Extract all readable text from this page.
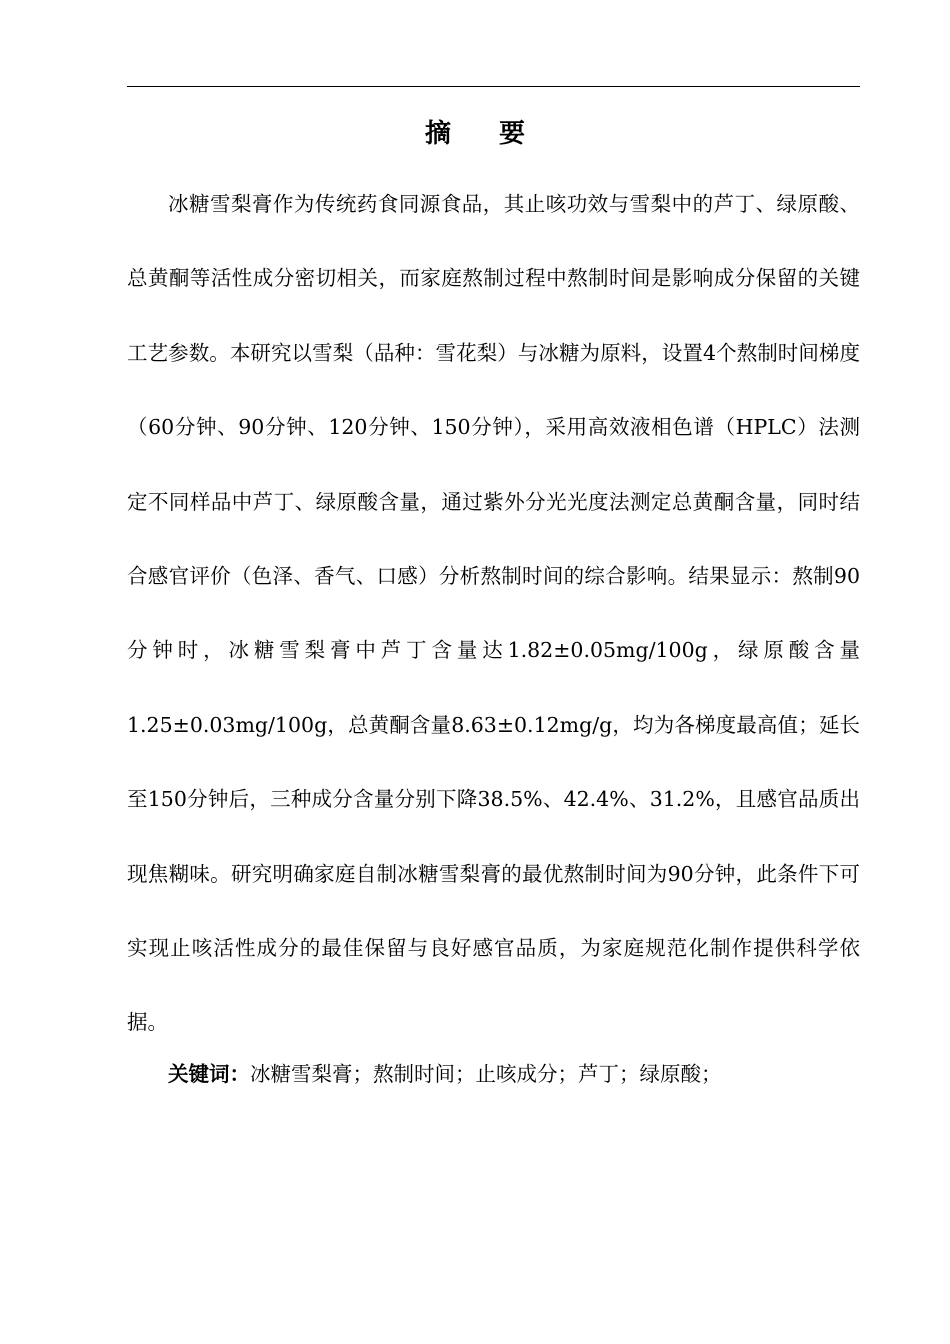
摘 要

冰糖雪梨膏作为传统药食同源食品，其止咳功效与雪梨中的芦丁、绿原酸、总黄酮等活性成分密切相关，而家庭熬制过程中熬制时间是影响成分保留的关键工艺参数。本研究以雪梨（品种：雪花梨）与冰糖为原料，设置4个熬制时间梯度（60分钟、90分钟、120分钟、150分钟），采用高效液相色谱（HPLC）法测定不同样品中芦丁、绿原酸含量，通过紫外分光光度法测定总黄酮含量，同时结合感官评价（色泽、香气、口感）分析熬制时间的综合影响。结果显示：熬制90分钟时，冰糖雪梨膏中芦丁含量达1.82±0.05mg/100g，绿原酸含量1.25±0.03mg/100g，总黄酮含量8.63±0.12mg/g，均为各梯度最高值；延长至150分钟后，三种成分含量分别下降38.5%、42.4%、31.2%，且感官品质出现焦糊味。研究明确家庭自制冰糖雪梨膏的最优熬制时间为90分钟，此条件下可实现止咳活性成分的最佳保留与良好感官品质，为家庭规范化制作提供科学依据。

关键词：冰糖雪梨膏；熬制时间；止咳成分；芦丁；绿原酸；
